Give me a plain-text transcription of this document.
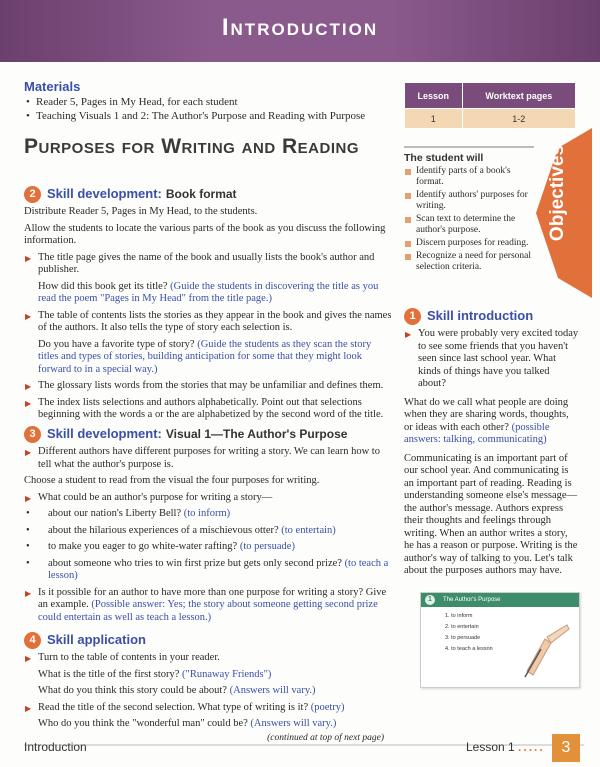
Introduction
Materials
• Reader 5, Pages in My Head, for each student
• Teaching Visuals 1 and 2: The Author's Purpose and Reading with Purpose
Lesson	Worktext pages
1	1-2
Purposes for Writing and Reading
2 Skill development: Book format

Distribute Reader 5, Pages in My Head, to the students.

Allow the students to locate the various parts of the book as you discuss the following information.

▶ The title page gives the name of the book and usually lists the book's author and publisher.

How did this book get its title? (Guide the students in discovering the title as you read the poem "Pages in My Head" from the title page.)

▶ The table of contents lists the stories as they appear in the book and gives the names of the authors. It also tells the type of story each selection is.

Do you have a favorite type of story? (Guide the students as they scan the story titles and types of stories, building anticipation for some that they might look forward to in a special way.)

▶ The glossary lists words from the stories that may be unfamiliar and defines them.

▶ The index lists selections and authors alphabetically. Point out that selections beginning with the words a or the are alphabetized by the second word of the title.

3 Skill development: Visual 1—The Author's Purpose

▶ Different authors have different purposes for writing a story. We can learn how to tell what the author's purpose is.

Choose a student to read from the visual the four purposes for writing.

▶ What could be an author's purpose for writing a story—

• about our nation's Liberty Bell? (to inform)

• about the hilarious experiences of a mischievous otter? (to entertain)

• to make you eager to go white-water rafting? (to persuade)

• about someone who tries to win first prize but gets only second prize? (to teach a lesson)

▶ Is it possible for an author to have more than one purpose for writing a story? Give an example. (Possible answer: Yes; the story about someone getting second prize could entertain as well as teach a lesson.)

4 Skill application

▶ Turn to the table of contents in your reader.

What is the title of the first story? ("Runaway Friends")

What do you think this story could be about? (Answers will vary.)

▶ Read the title of the second selection. What type of writing is it? (poetry)

Who do you think the "wonderful man" could be? (Answers will vary.)

(continued at top of next page)

The student will
Identify parts of a book's format.
Identify authors' purposes for writing.
Scan text to determine the author's purpose.
Discern purposes for reading.
Recognize a need for personal selection criteria.
Objectives
1 Skill introduction

▶ You were probably very excited today to see some friends that you haven't seen since last school year. What kinds of things have you talked about?

What do we call what people are doing when they are sharing words, thoughts, or ideas with each other? (possible answers: talking, communicating)

Communicating is an important part of our school year. And communicating is an important part of reading. Reading is understanding someone else's message—the author's message. Authors express their thoughts and feelings through writing. When an author writes a story, he has a reason or purpose. Writing is the author's way of talking to you. Let's talk about the purposes authors may have.

1	The Author's Purpose
1. to inform
2. to entertain
3. to persuade
4. to teach a lesson
Introduction	Lesson 1 .....	3
